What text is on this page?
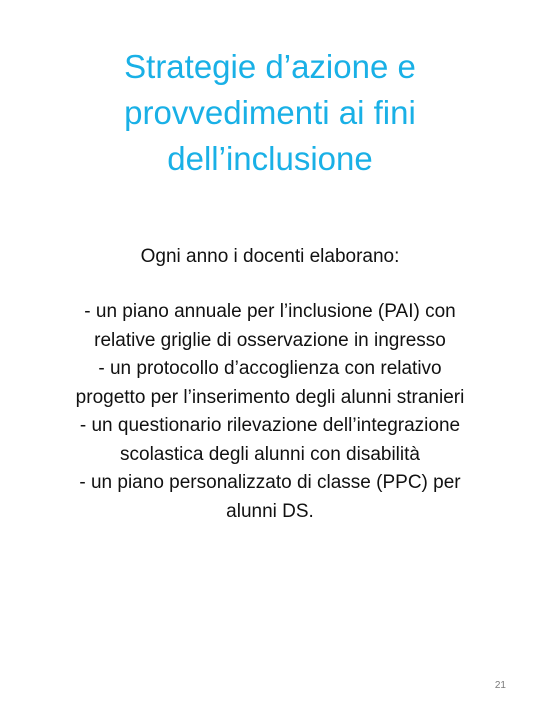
Strategie d’azione e
provvedimenti ai fini
dell’inclusione

Ogni anno i docenti elaborano:

- un piano annuale per l’inclusione (PAI) con
relative griglie di osservazione in ingresso
- un protocollo d’accoglienza con relativo
progetto per l’inserimento degli alunni stranieri
- un questionario rilevazione dell’integrazione
scolastica degli alunni con disabilità
- un piano personalizzato di classe (PPC) per
alunni DS.

21
